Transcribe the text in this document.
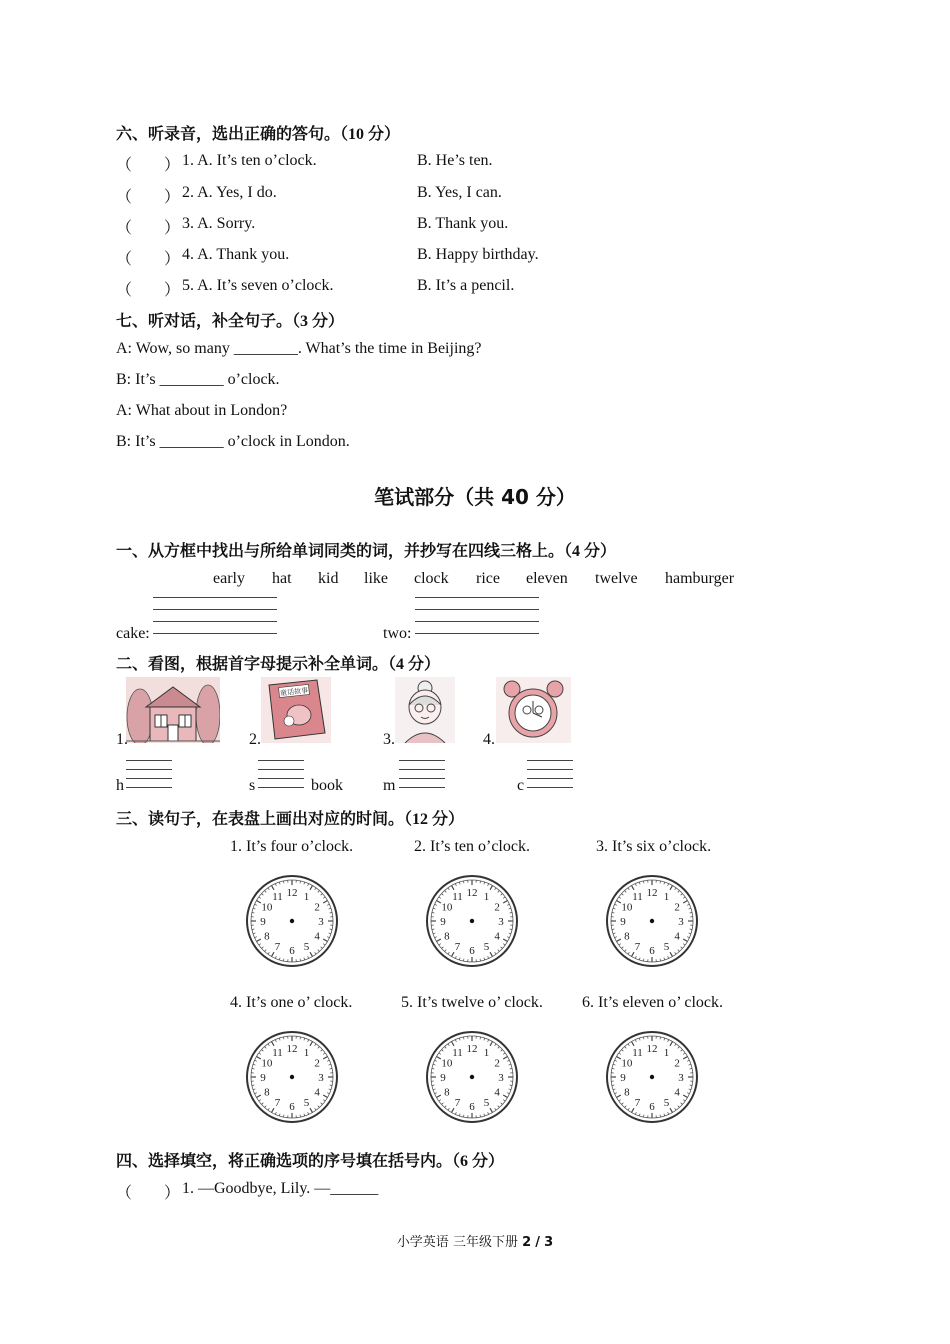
六、听录音，选出正确的答句。（10 分）
（　　） 1. A. It’s ten o’clock.	B. He’s ten.
（　　） 2. A. Yes, I do.	B. Yes, I can.
（　　） 3. A. Sorry.	B. Thank you.
（　　） 4. A. Thank you.	B. Happy birthday.
（　　） 5. A. It’s seven o’clock.	B. It’s a pencil.
七、听对话，补全句子。（3 分）
A: Wow, so many ________. What’s the time in Beijing?
B: It’s ________ o’clock.
A: What about in London?
B: It’s ________ o’clock in London.
笔试部分（共 40 分）
一、从方框中找出与所给单词同类的词，并抄写在四线三格上。（4 分）
early hat kid like clock rice eleven twelve hamburger
cake:	two:
二、看图，根据首字母提示补全单词。（4 分）
童话故事
1.	2.	3.	4.
h	s	book	m	c
三、读句子，在表盘上画出对应的时间。（12 分）
1. It’s four o’clock.
1
2
3
4
5
6
7
8
9
10
11 12
2. It’s ten o’clock.
1
2
3
4
5
6
7
8
9
10
11 12
3. It’s six o’clock.
1
2
3
4
5
6
7
8
9
10
11 12
4. It’s one o’ clock.
1
2
3
4
5
6
7
8
9
10
11 12
5. It’s twelve o’ clock.
1
2
3
4
5
6
7
8
9
10
11 12
6. It’s eleven o’ clock.
1
2
3
4
5
6
7
8
9
10
11 12
四、选择填空，将正确选项的序号填在括号内。（6 分）
（　　） 1. —Goodbye, Lily. —______
小学英语 三年级下册 2 / 3
